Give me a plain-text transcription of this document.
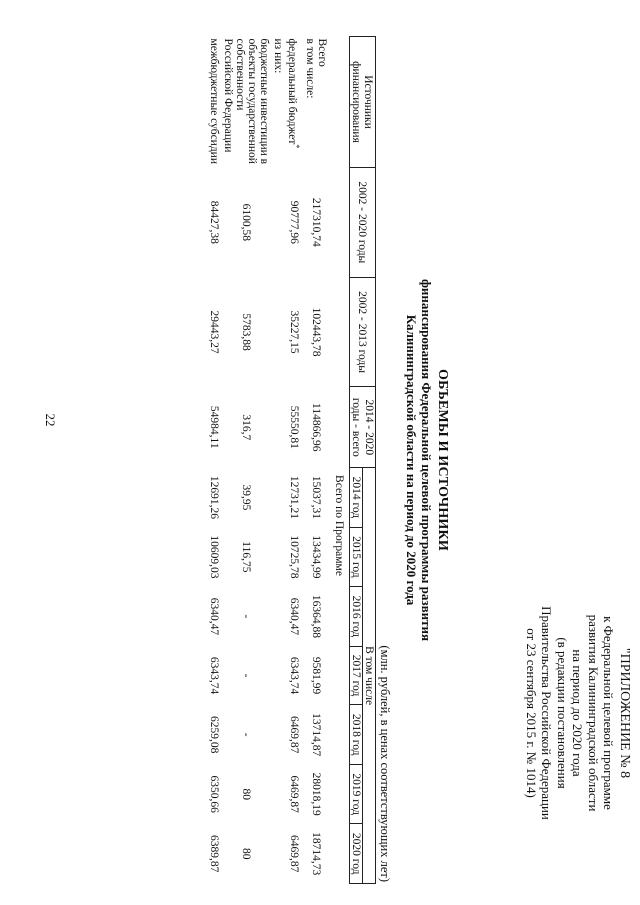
22
"ПРИЛОЖЕНИЕ № 8
к Федеральной целевой программе
развития Калининградской области
на период до 2020 года
(в редакции постановления
Правительства Российской Федерации
от 23 сентября 2015 г. № 1014)
ОБЪЕМЫ И ИСТОЧНИКИ
финансирования Федеральной целевой программы развития
Калининградской области на период до 2020 года
(млн. рублей, в ценах соответствующих лет)
Источники финансирования	2002 - 2020 годы	2002 - 2013 годы	2014 - 2020	В том числе						
			годы - всего	2014 год	2015 год	2016 год	2017 год	2018 год	2019 год	2020 год
	Всего по Программе									
Всего
в том числе:	217310,74	102443,78	114866,96	15037,31	13434,99	16364,88	9581,99	13714,87	28018,19	18714,73
федеральный бюджет*	90777,96	35227,15	55550,81	12731,21	10725,78	6340,47	6343,74	6469,87	6469,87	6469,87
из них:										
бюджетные инвестиции в объекты государственной собственности Российской Федерации	6100,58	5783,88	316,7	39,95	116,75	-	-	-	80	80
межбюджетные субсидии	84427,38	29443,27	54984,11	12691,26	10609,03	6340,47	6343,74	6259,08	6350,66	6389,87
